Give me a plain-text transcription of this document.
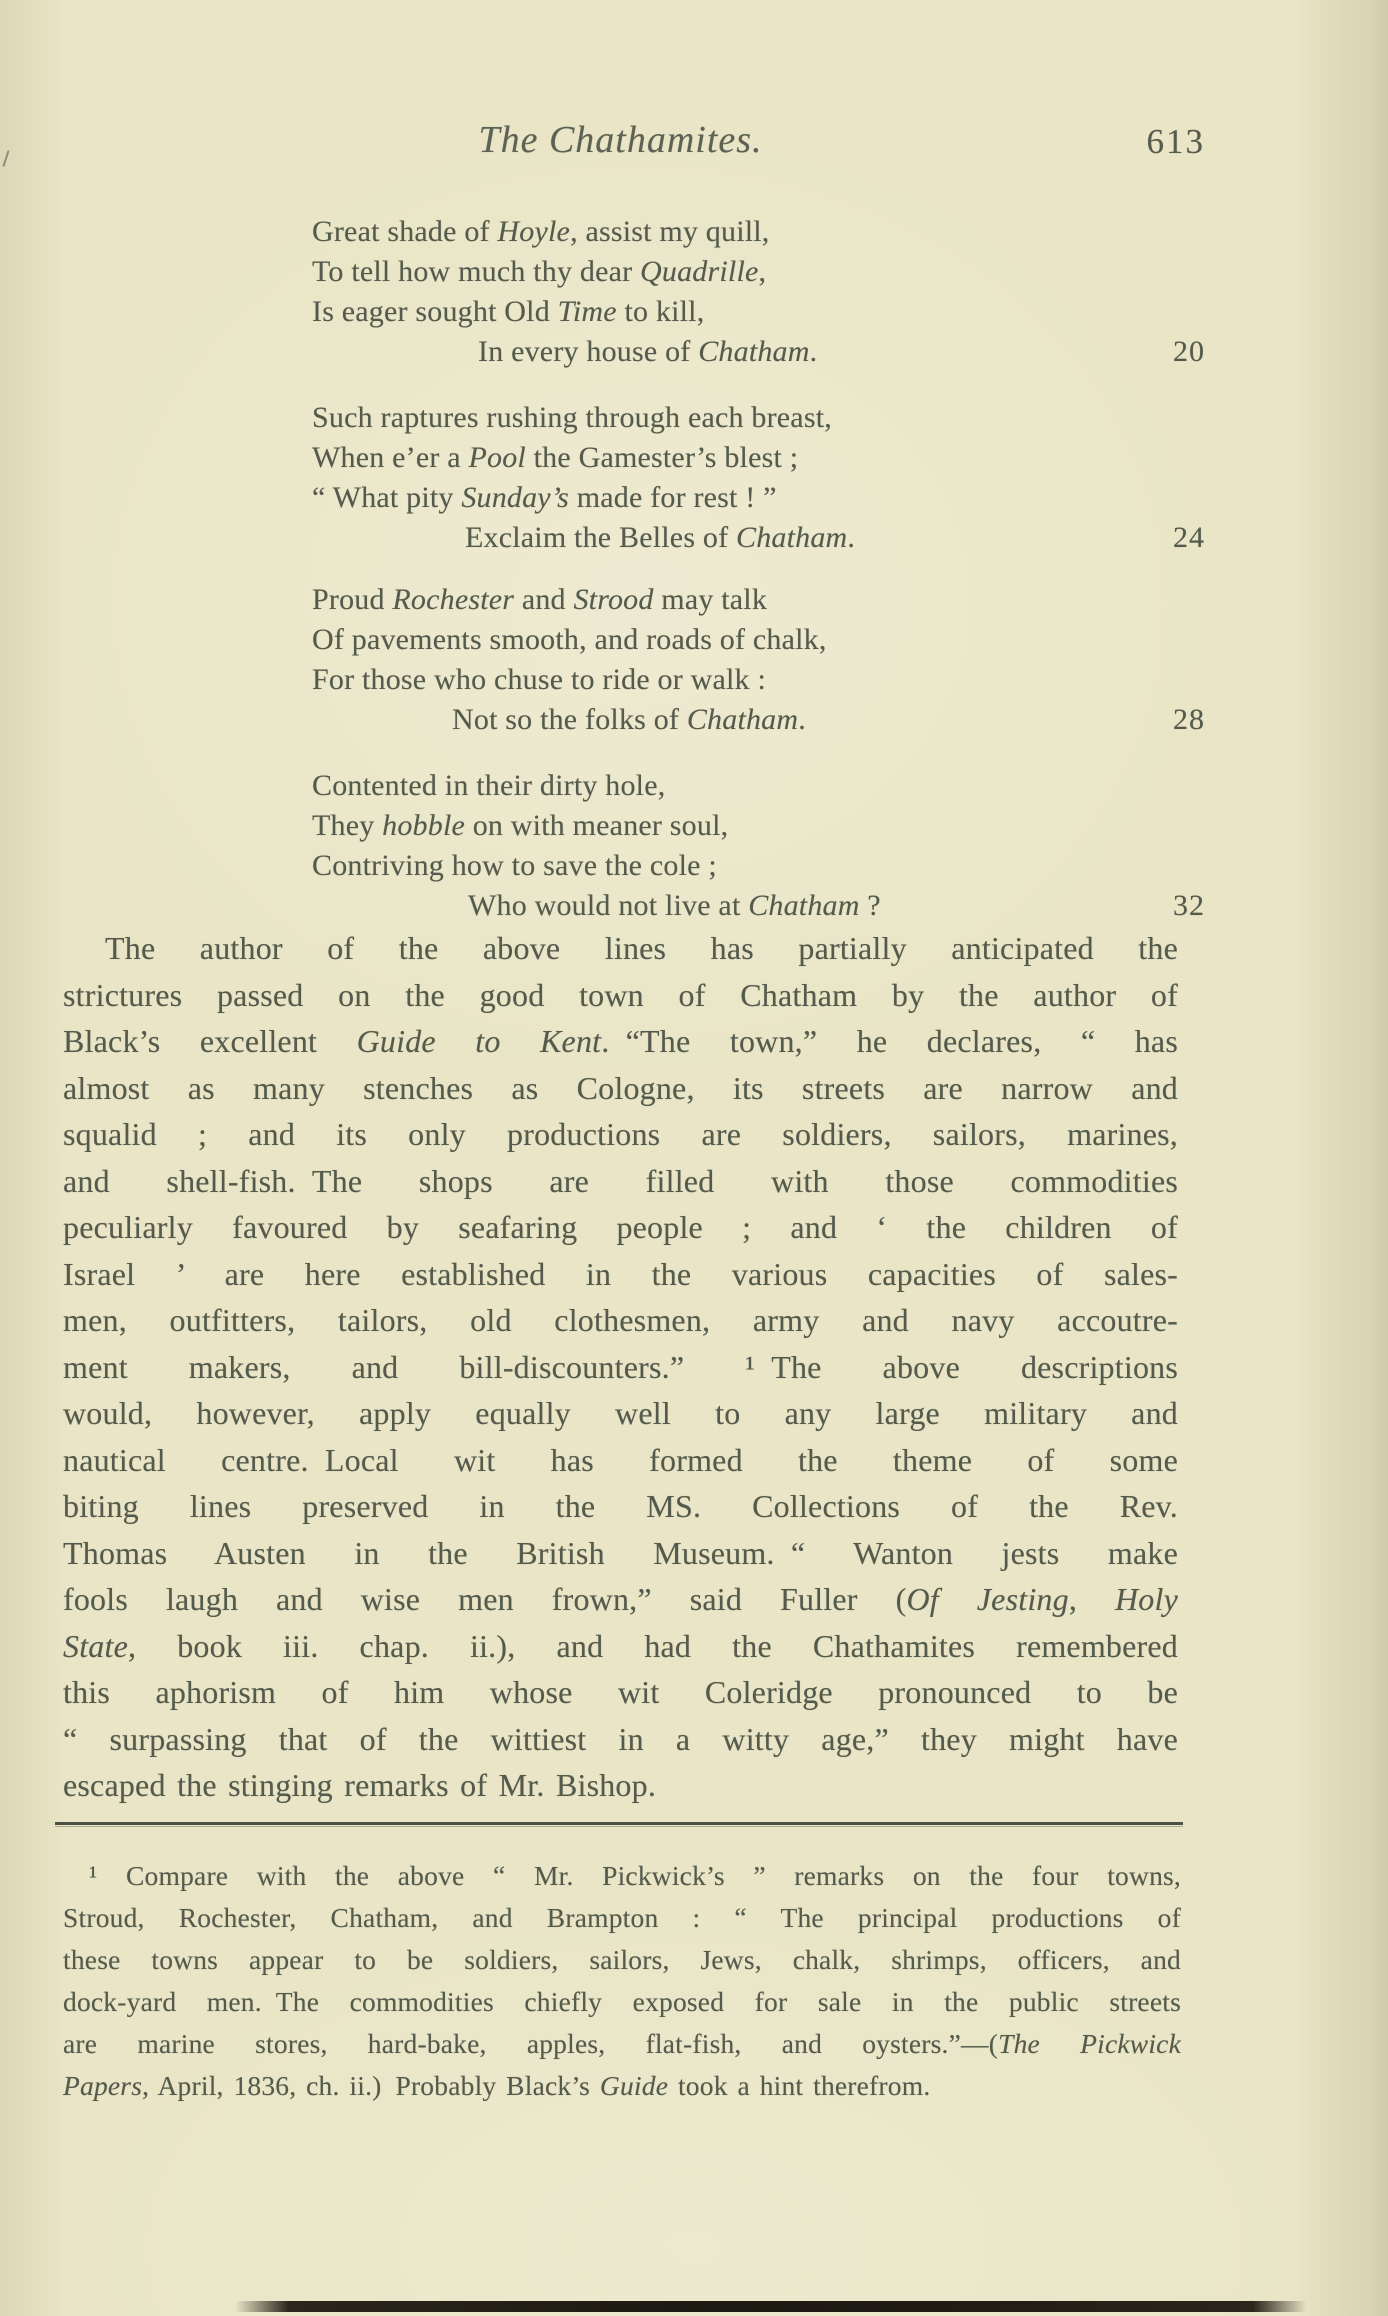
The Chathamites.	613
Great shade of Hoyle, assist my quill,
To tell how much thy dear Quadrille,
Is eager sought Old Time to kill,
In every house of Chatham.	20
Such raptures rushing through each breast,
When e’er a Pool the Gamester’s blest ;
“ What pity Sunday’s made for rest ! ”
Exclaim the Belles of Chatham.	24
Proud Rochester and Strood may talk
Of pavements smooth, and roads of chalk,
For those who chuse to ride or walk :
Not so the folks of Chatham.	28
Contented in their dirty hole,
They hobble on with meaner soul,
Contriving how to save the cole ;
Who would not live at Chatham ?	32
The author of the above lines has partially anticipated the
strictures passed on the good town of Chatham by the author of
Black’s excellent Guide to Kent. “The town,” he declares, “ has
almost as many stenches as Cologne, its streets are narrow and
squalid ; and its only productions are soldiers, sailors, marines,
and shell-fish. The shops are filled with those commodities
peculiarly favoured by seafaring people ; and ‘ the children of
Israel ’ are here established in the various capacities of sales-
men, outfitters, tailors, old clothesmen, army and navy accoutre-
ment makers, and bill-discounters.” ¹ The above descriptions
would, however, apply equally well to any large military and
nautical centre. Local wit has formed the theme of some
biting lines preserved in the MS. Collections of the Rev.
Thomas Austen in the British Museum. “ Wanton jests make
fools laugh and wise men frown,” said Fuller (Of Jesting, Holy
State, book iii. chap. ii.), and had the Chathamites remembered
this aphorism of him whose wit Coleridge pronounced to be
“ surpassing that of the wittiest in a witty age,” they might have
escaped the stinging remarks of Mr. Bishop.
¹ Compare with the above “ Mr. Pickwick’s ” remarks on the four towns,
Stroud, Rochester, Chatham, and Brampton : “ The principal productions of
these towns appear to be soldiers, sailors, Jews, chalk, shrimps, officers, and
dock-yard men. The commodities chiefly exposed for sale in the public streets
are marine stores, hard-bake, apples, flat-fish, and oysters.”—(The Pickwick
Papers, April, 1836, ch. ii.) Probably Black’s Guide took a hint therefrom.
